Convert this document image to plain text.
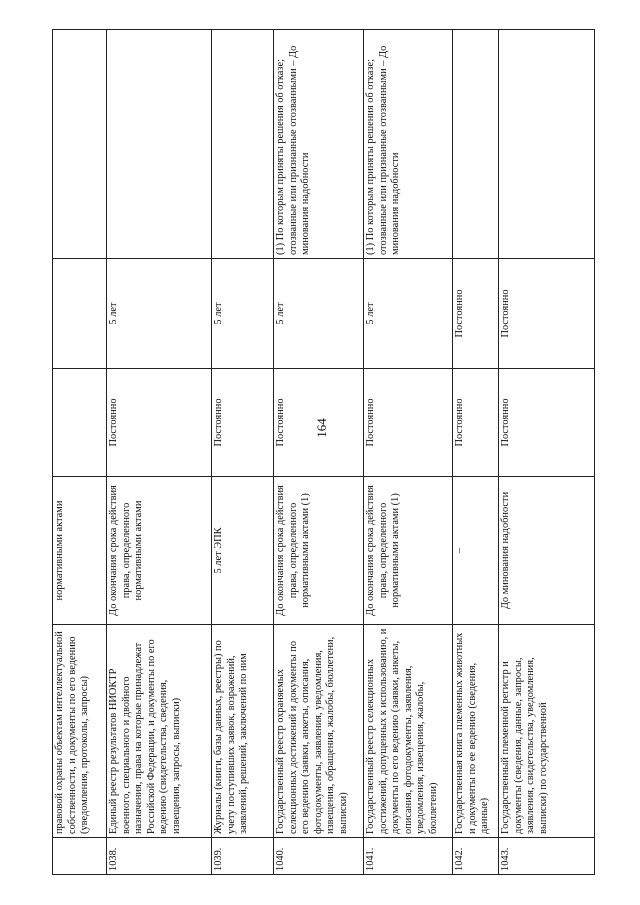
164
	правовой охраны объектам интеллектуальной собственности, и документы по его ведению (уведомления, протоколы, запросы)	нормативными актами			
1038.	Единый реестр результатов НИОКТР военного, специального и двойного назначения, права на которые принадлежат Российской Федерации, и документы по его ведению (свидетельства, сведения, извещения, запросы, выписки)	До окончания срока действия права, определенного нормативными актами	Постоянно	5 лет	
1039.	Журналы (книги, базы данных, реестры) по учету поступивших заявок, возражений, заявлений, решений, заключений по ним	5 лет ЭПК	Постоянно	5 лет	
1040.	Государственный реестр охраняемых селекционных достижений и документы по его ведению (заявки, анкеты, описания, фотодокументы, заявления, уведомления, извещения, обращения, жалобы, бюллетени, выписки)	До окончания срока действия права, определенного нормативными актами (1)	Постоянно	5 лет	(1) По которым приняты решения об отказе; отозванные или признанные отозванными – До минования надобности
1041.	Государственный реестр селекционных достижений, допущенных к использованию, и документы по его ведению (заявки, анкеты, описания, фотодокументы, заявления, уведомления, извещения, жалобы, бюллетени)	До окончания срока действия права, определенного нормативными актами (1)	Постоянно	5 лет	(1) По которым приняты решения об отказе; отозванные или признанные отозванными – До минования надобности
1042.	Государственная книга племенных животных и документы по ее ведению (сведения, данные)	–	Постоянно	Постоянно	
1043.	Государственный племенной регистр и документы (сведения, данные, запросы, заявления, свидетельства, уведомления, выписки) по государственной	До минования надобности	Постоянно	Постоянно	
